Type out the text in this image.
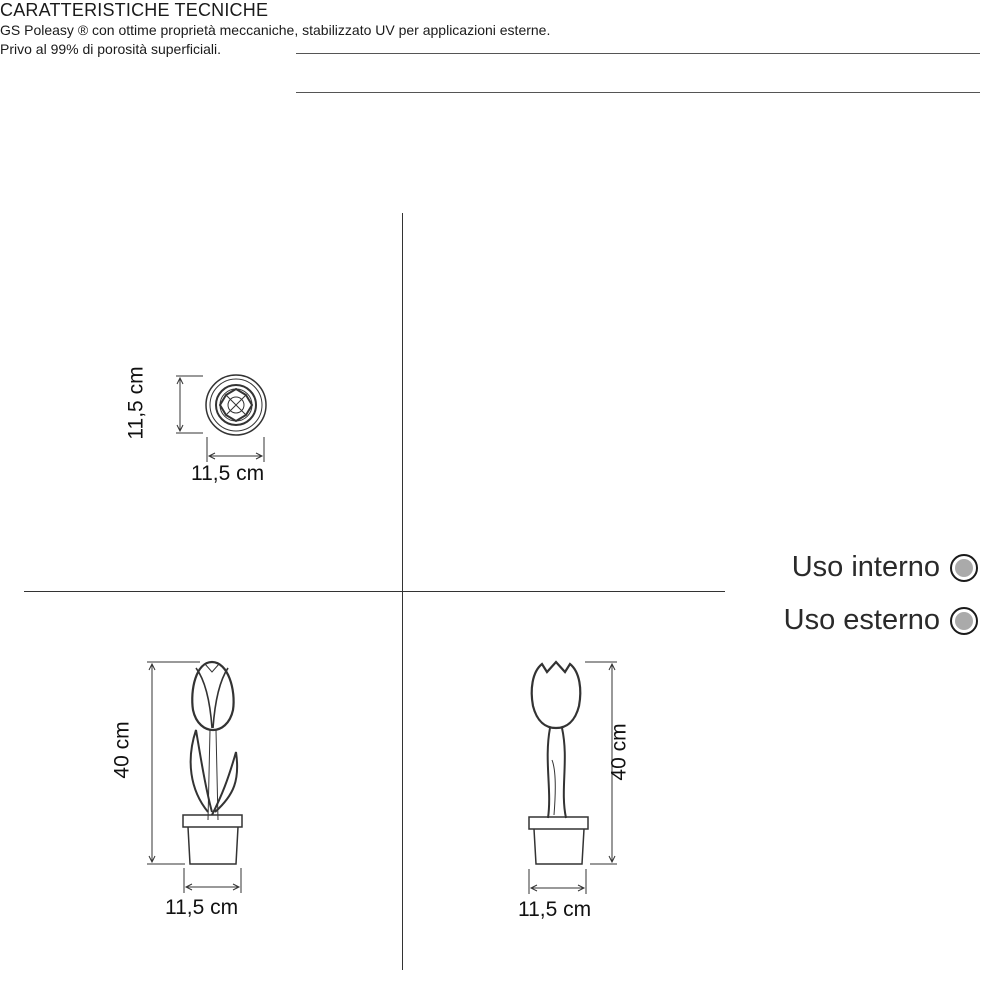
CARATTERISTICHE TECNICHE
GS Poleasy ® con ottime proprietà meccaniche, stabilizzato UV per applicazioni esterne.
Privo al 99% di porosità superficiali.
Uso interno
Uso esterno
11,5 cm
11,5 cm
40 cm
11,5 cm
40 cm
11,5 cm
